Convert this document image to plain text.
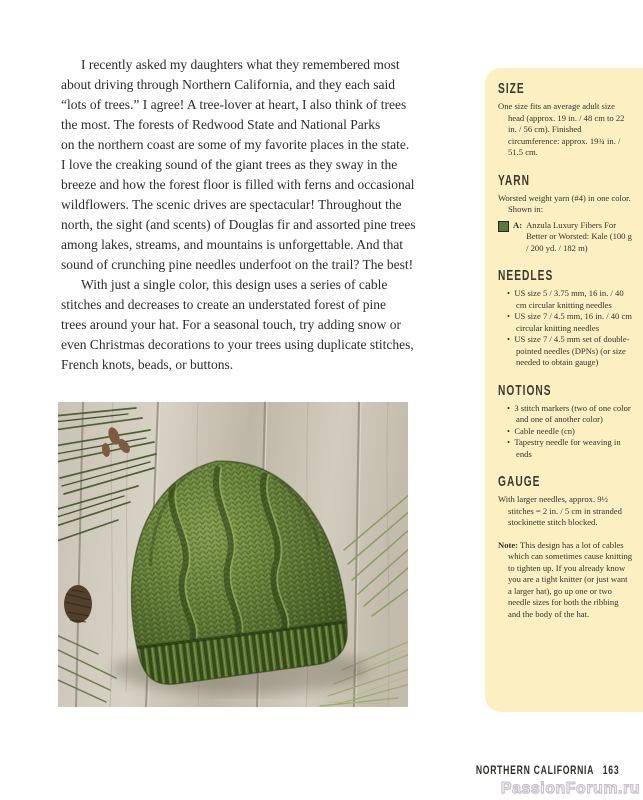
I recently asked my daughters what they remembered most
about driving through Northern California, and they each said
“lots of trees.” I agree! A tree-lover at heart, I also think of trees
the most. The forests of Redwood State and National Parks
on the northern coast are some of my favorite places in the state.
I love the creaking sound of the giant trees as they sway in the
breeze and how the forest floor is filled with ferns and occasional
wildflowers. The scenic drives are spectacular! Throughout the
north, the sight (and scents) of Douglas fir and assorted pine trees
among lakes, streams, and mountains is unforgettable. And that
sound of crunching pine needles underfoot on the trail? The best!
With just a single color, this design uses a series of cable
stitches and decreases to create an understated forest of pine
trees around your hat. For a seasonal touch, try adding snow or
even Christmas decorations to your trees using duplicate stitches,
French knots, beads, or buttons.
SIZE
One size fits an average adult size head (approx. 19 in. / 48 cm to 22 in. / 56 cm). Finished circumference: approx. 19¾ in. / 51.5 cm.
YARN
Worsted weight yarn (#4) in one color. Shown in:
A: Anzula Luxury Fibers For Better or Worsted: Kale (100 g / 200 yd. / 182 m)
NEEDLES
•  US size 5 / 3.75 mm, 16 in. / 40 cm circular knitting needles
•  US size 7 / 4.5 mm, 16 in. / 40 cm circular knitting needles
•  US size 7 / 4.5 mm set of double-pointed needles (DPNs) (or size needed to obtain gauge)
NOTIONS
•  3 stitch markers (two of one color and one of another color)
•  Cable needle (cn)
•  Tapestry needle for weaving in ends
GAUGE
With larger needles, approx. 9½ stitches = 2 in. / 5 cm in stranded stockinette stitch blocked.
Note: This design has a lot of cables which can sometimes cause knitting to tighten up. If you already know you are a tight knitter (or just want a larger hat), go up one or two needle sizes for both the ribbing and the body of the hat.
NORTHERN CALIFORNIA 163
PassionForum.ru
